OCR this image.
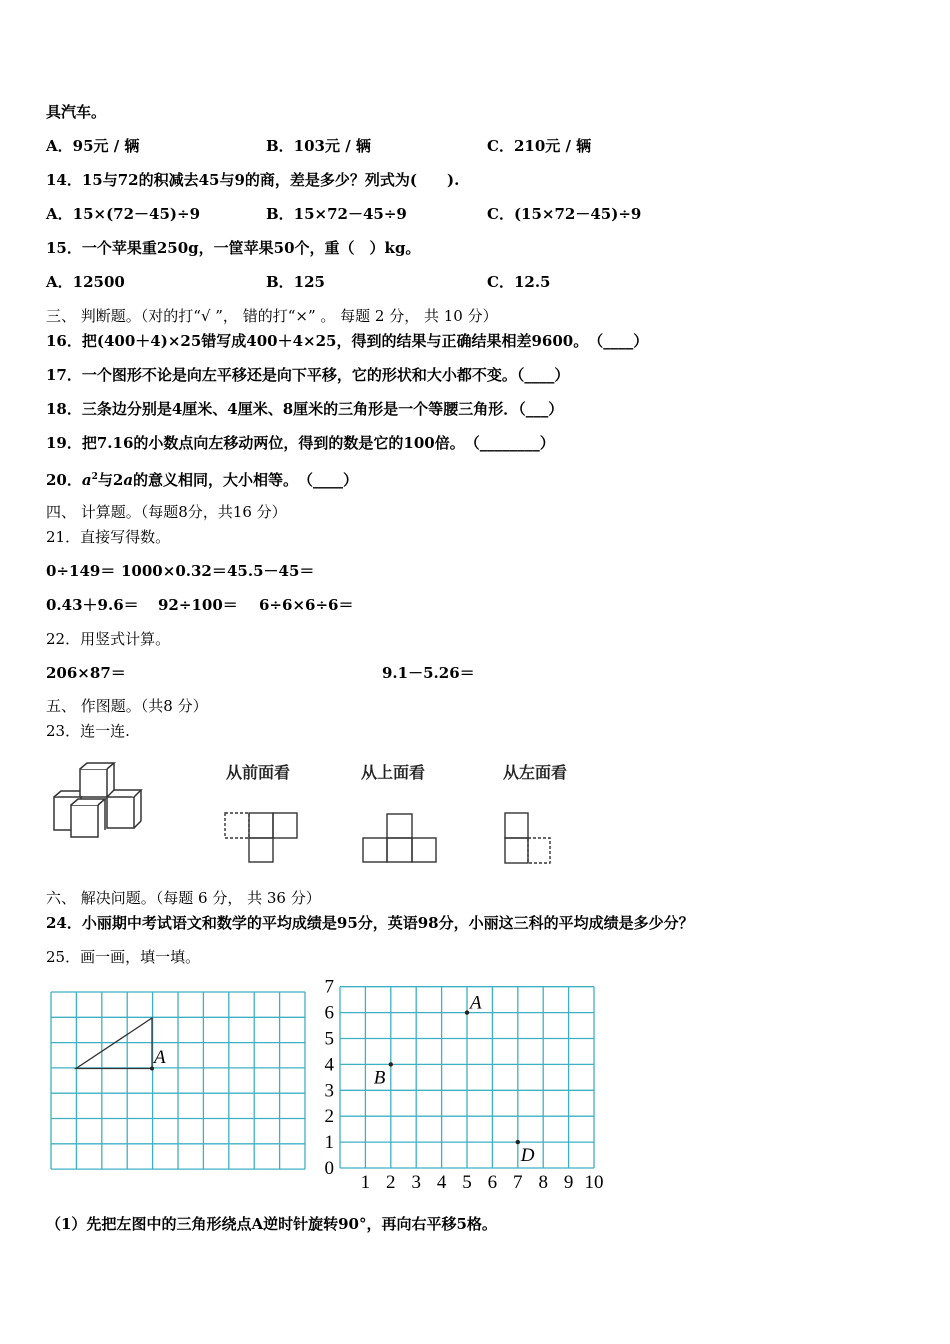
具汽车。
A．95元 / 辆	B．103元 / 辆	C．210元 / 辆
14．15与72的积减去45与9的商，差是多少？列式为(　　).
A．15×(72－45)÷9	B．15×72－45÷9	C．(15×72－45)÷9
15．一个苹果重250g，一筐苹果50个，重（　）kg。
A．12500	B．125	C．12.5
三、 判断题。（对的打“√ ”， 错的打“×” 。 每题 2 分， 共 10 分）
16．把(400＋4)×25错写成400＋4×25，得到的结果与正确结果相差9600。　（____）
17．一个图形不论是向左平移还是向下平移，它的形状和大小都不变。（____）
18．三条边分别是4厘米、4厘米、8厘米的三角形是一个等腰三角形．（___）
19．把7.16的小数点向左移动两位，得到的数是它的100倍。　（________）
20．$a^2$与2a的意义相同，大小相等。　（____）
四、 计算题。（每题8分，共16 分）
21．直接写得数。
0÷149＝ 1000×0.32＝ 45.5－45＝
0.43＋9.6＝ 92÷100＝ 6÷6×6÷6＝
22．用竖式计算。
206×87＝	9.1－5.26＝
五、 作图题。（共8 分）
23．连一连.
从前面看	从上面看	从左面看
六、 解决问题。（每题 6 分， 共 36 分）
24．小丽期中考试语文和数学的平均成绩是95分，英语98分，小丽这三科的平均成绩是多少分？
25．画一画，填一填。
A
0
1
2
3
4
5
6
7
1 2 3 4 5 6 7 8 9 10
A
B
D
（1）先把左图中的三角形绕点A逆时针旋转90°，再向右平移5格。
